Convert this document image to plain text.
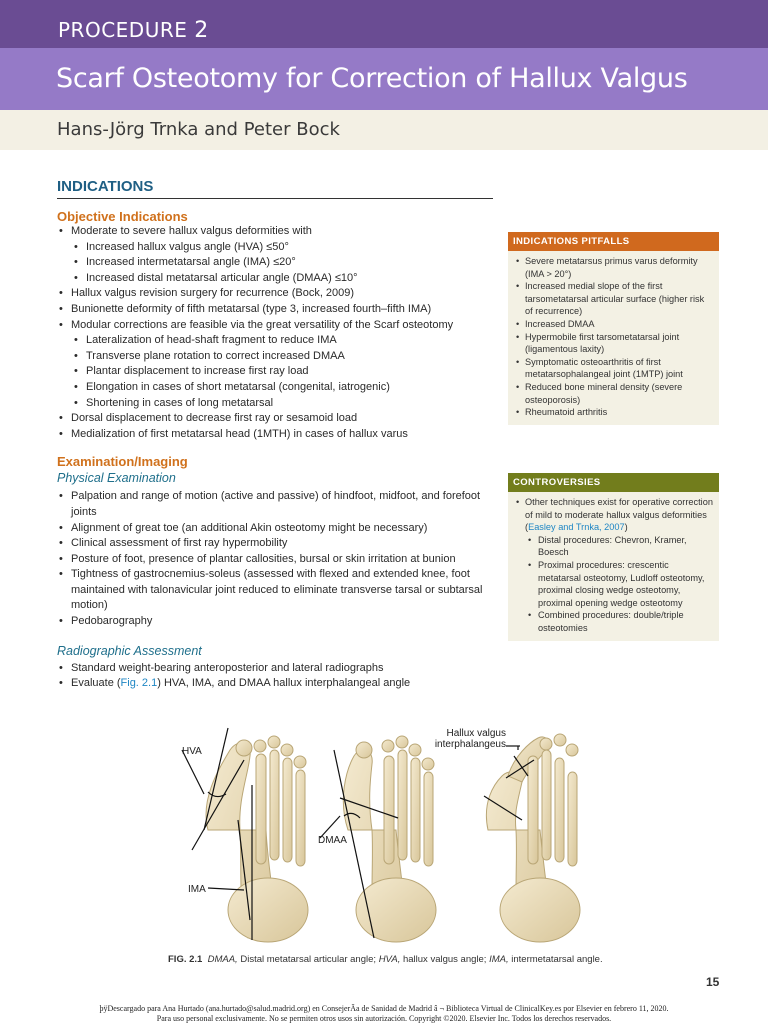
PROCEDURE 2
Scarf Osteotomy for Correction of Hallux Valgus
Hans-Jörg Trnka and Peter Bock
INDICATIONS
Objective Indications
• Moderate to severe hallux valgus deformities with
• Increased hallux valgus angle (HVA) ≤50°
• Increased intermetatarsal angle (IMA) ≤20°
• Increased distal metatarsal articular angle (DMAA) ≤10°
• Hallux valgus revision surgery for recurrence (Bock, 2009)
• Bunionette deformity of fifth metatarsal (type 3, increased fourth–fifth IMA)
• Modular corrections are feasible via the great versatility of the Scarf osteotomy
• Lateralization of head-shaft fragment to reduce IMA
• Transverse plane rotation to correct increased DMAA
• Plantar displacement to increase first ray load
• Elongation in cases of short metatarsal (congenital, iatrogenic)
• Shortening in cases of long metatarsal
• Dorsal displacement to decrease first ray or sesamoid load
• Medialization of first metatarsal head (1MTH) in cases of hallux varus
Examination/Imaging
Physical Examination
• Palpation and range of motion (active and passive) of hindfoot, midfoot, and forefoot joints
• Alignment of great toe (an additional Akin osteotomy might be necessary)
• Clinical assessment of first ray hypermobility
• Posture of foot, presence of plantar callosities, bursal or skin irritation at bunion
• Tightness of gastrocnemius-soleus (assessed with flexed and extended knee, foot maintained with talonavicular joint reduced to eliminate transverse tarsal or subtarsal motion)
• Pedobarography
Radiographic Assessment
• Standard weight-bearing anteroposterior and lateral radiographs
• Evaluate (Fig. 2.1) HVA, IMA, and DMAA hallux interphalangeal angle
INDICATIONS PITFALLS
• Severe metatarsus primus varus deformity (IMA > 20°)
• Increased medial slope of the first tarsometatarsal articular surface (higher risk of recurrence)
• Increased DMAA
• Hypermobile first tarsometatarsal joint (ligamentous laxity)
• Symptomatic osteoarthritis of first metatarsophalangeal joint (1MTP) joint
• Reduced bone mineral density (severe osteoporosis)
• Rheumatoid arthritis
CONTROVERSIES
• Other techniques exist for operative correction of mild to moderate hallux valgus deformities (Easley and Trnka, 2007)
• Distal procedures: Chevron, Kramer, Boesch
• Proximal procedures: crescentic metatarsal osteotomy, Ludloff osteotomy, proximal closing wedge osteotomy, proximal opening wedge osteotomy
• Combined procedures: double/triple osteotomies
HVA
IMA
DMAA
Hallux valgus
interphalangeus
FIG. 2.1 DMAA, Distal metatarsal articular angle; HVA, hallux valgus angle; IMA, intermetatarsal angle.
15
þÿDescargado para Ana Hurtado (ana.hurtado@salud.madrid.org) en ConsejerÃa de Sanidad de Madrid â ¬ Biblioteca Virtual de ClinicalKey.es por Elsevier en febrero 11, 2020.
Para uso personal exclusivamente. No se permiten otros usos sin autorización. Copyright ©2020. Elsevier Inc. Todos los derechos reservados.
